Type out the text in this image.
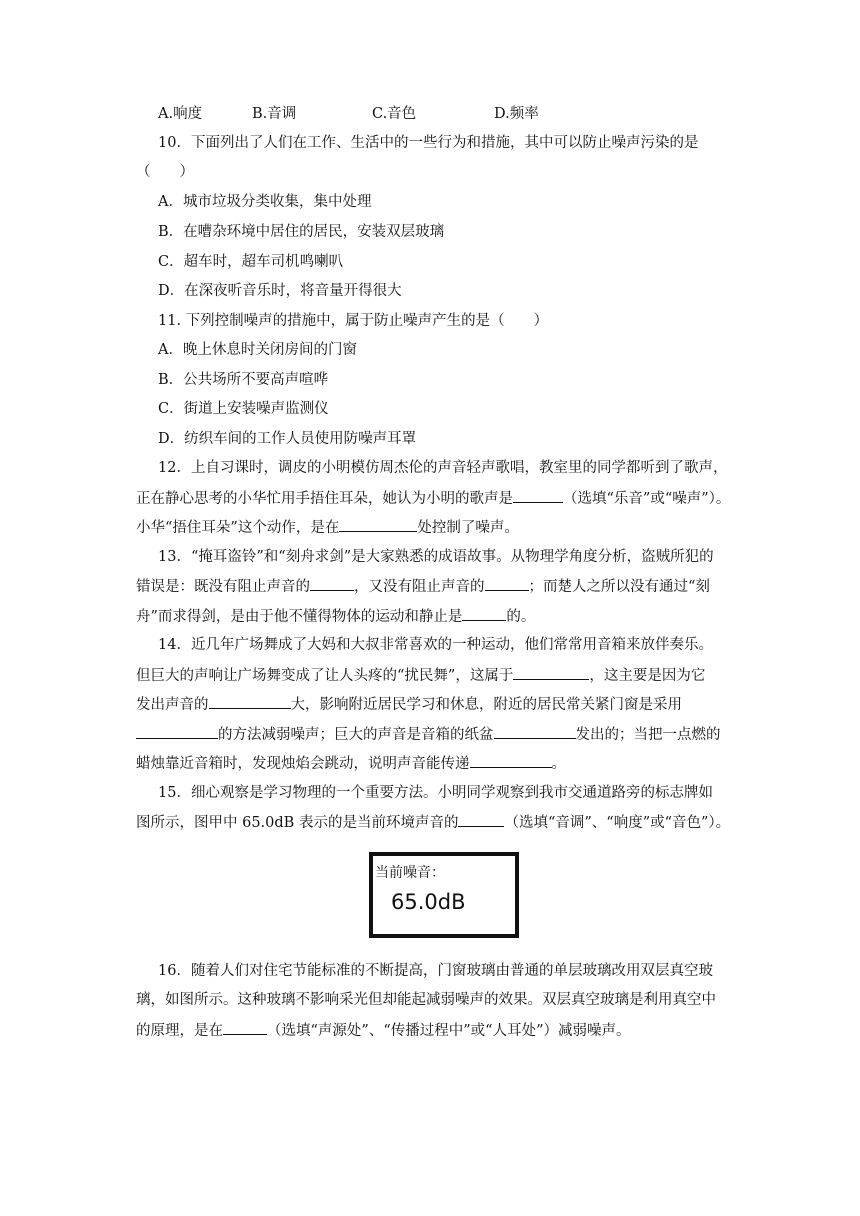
A.响度	B.音调	C.音色	D.频率
10．下面列出了人们在工作、生活中的一些行为和措施，其中可以防止噪声污染的是
（　　）
A．城市垃圾分类收集，集中处理
B．在嘈杂环境中居住的居民，安装双层玻璃
C．超车时，超车司机鸣喇叭
D．在深夜听音乐时，将音量开得很大
11. 下列控制噪声的措施中，属于防止噪声产生的是（　　）
A．晚上休息时关闭房间的门窗
B．公共场所不要高声喧哗
C．街道上安装噪声监测仪
D．纺织车间的工作人员使用防噪声耳罩
12．上自习课时，调皮的小明模仿周杰伦的声音轻声歌唱，教室里的同学都听到了歌声，
正在静心思考的小华忙用手捂住耳朵，她认为小明的歌声是	（选填“乐音”或“噪声”）。
小华“捂住耳朵”这个动作，是在	处控制了噪声。
13．“掩耳盗铃”和“刻舟求剑”是大家熟悉的成语故事。从物理学角度分析，盗贼所犯的
错误是：既没有阻止声音的	，又没有阻止声音的	；而楚人之所以没有通过“刻
舟”而求得剑，是由于他不懂得物体的运动和静止是	的。
14．近几年广场舞成了大妈和大叔非常喜欢的一种运动，他们常常用音箱来放伴奏乐。
但巨大的声响让广场舞变成了让人头疼的“扰民舞”，这属于	，这主要是因为它
发出声音的	大，影响附近居民学习和休息，附近的居民常关紧门窗是采用
的方法减弱噪声；巨大的声音是音箱的纸盆	发出的；当把一点燃的
蜡烛靠近音箱时，发现烛焰会跳动，说明声音能传递	。
15．细心观察是学习物理的一个重要方法。小明同学观察到我市交通道路旁的标志牌如
图所示，图甲中 65.0dB 表示的是当前环境声音的	（选填“音调”、“响度”或“音色”）。
当前噪音：
65.0dB
16．随着人们对住宅节能标准的不断提高，门窗玻璃由普通的单层玻璃改用双层真空玻
璃，如图所示。这种玻璃不影响采光但却能起减弱噪声的效果。双层真空玻璃是利用真空中
的原理，是在	（选填“声源处”、“传播过程中”或“人耳处”）减弱噪声。
